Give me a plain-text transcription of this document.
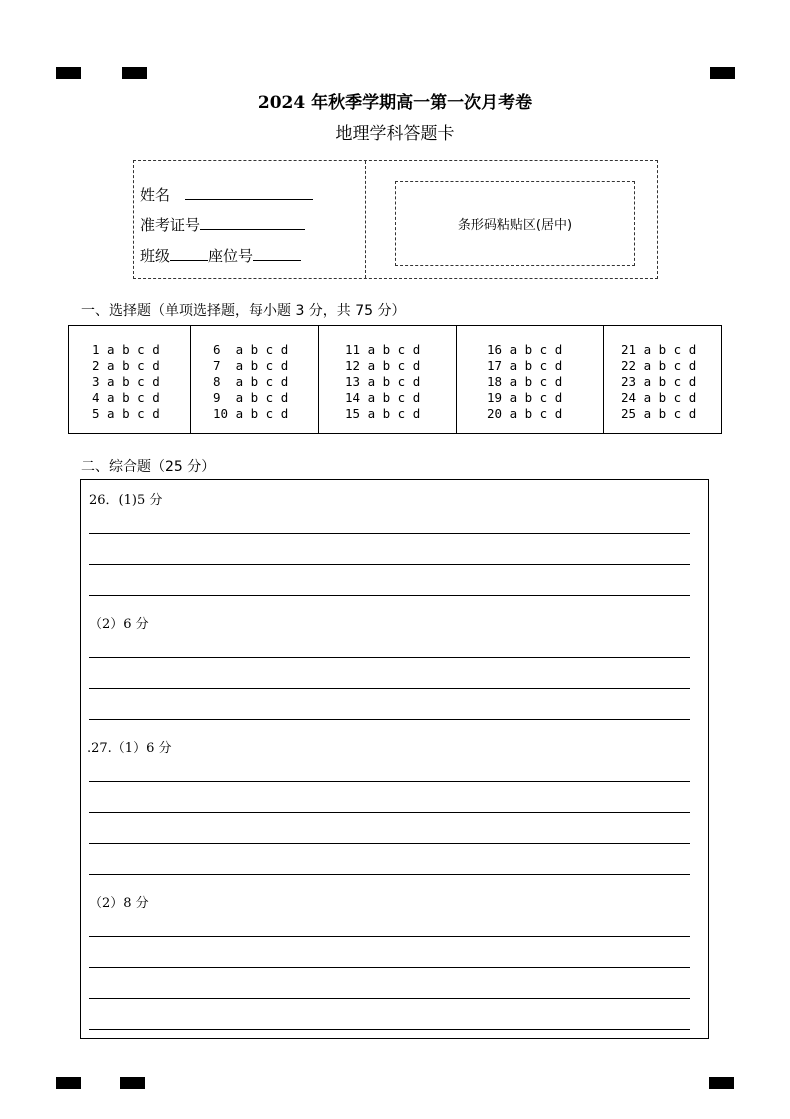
2024 年秋季学期高一第一次月考卷
地理学科答题卡
姓名
准考证号
班级	座位号
条形码粘贴区(居中)
一、选择题（单项选择题，每小题 3 分，共 75 分）
1 a b c d
2 a b c d
3 a b c d
4 a b c d
5 a b c d
6  a b c d
7  a b c d
8  a b c d
9  a b c d
10 a b c d
11 a b c d
12 a b c d
13 a b c d
14 a b c d
15 a b c d
16 a b c d
17 a b c d
18 a b c d
19 a b c d
20 a b c d
21 a b c d
22 a b c d
23 a b c d
24 a b c d
25 a b c d
二、综合题（25 分）
26．(1)5 分
（2）6 分
.27.（1）6 分
（2）8 分
